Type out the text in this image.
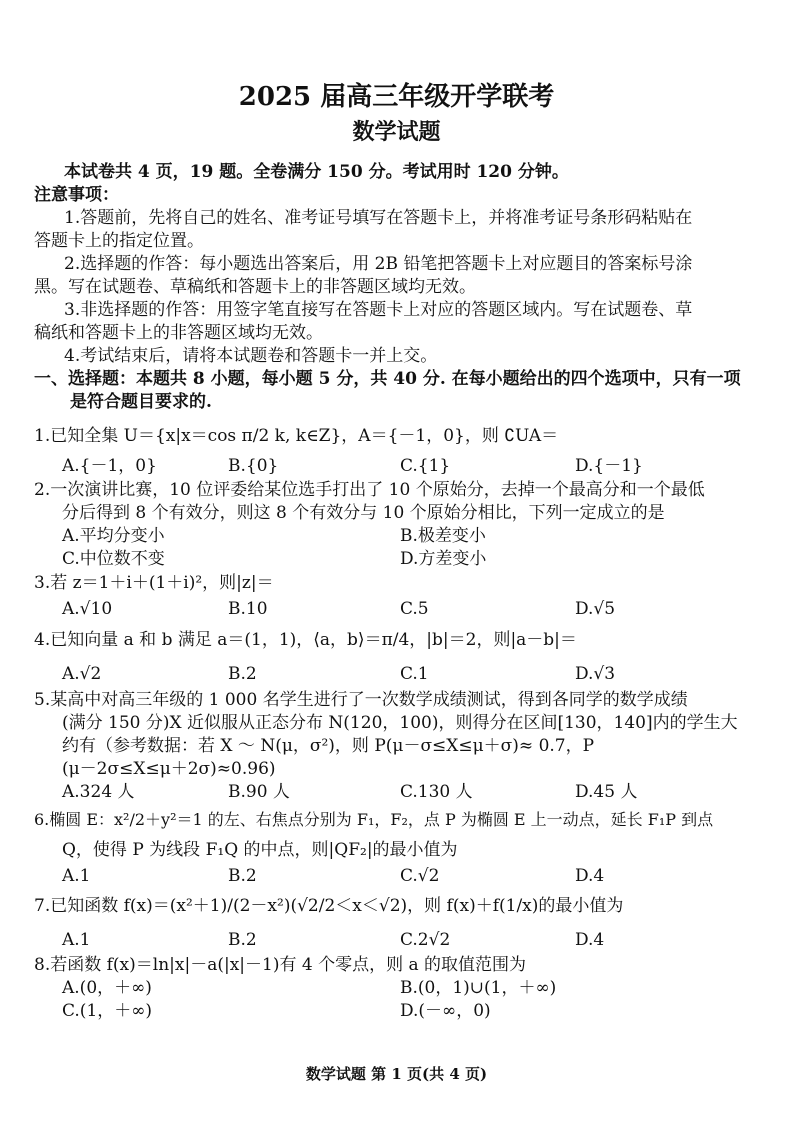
2025 届高三年级开学联考
数学试题
本试卷共 4 页，19 题。全卷满分 150 分。考试用时 120 分钟。
注意事项：
1.答题前，先将自己的姓名、准考证号填写在答题卡上，并将准考证号条形码粘贴在
答题卡上的指定位置。
2.选择题的作答：每小题选出答案后，用 2B 铅笔把答题卡上对应题目的答案标号涂
黑。写在试题卷、草稿纸和答题卡上的非答题区域均无效。
3.非选择题的作答：用签字笔直接写在答题卡上对应的答题区域内。写在试题卷、草
稿纸和答题卡上的非答题区域均无效。
4.考试结束后，请将本试题卷和答题卡一并上交。
一、选择题：本题共 8 小题，每小题 5 分，共 40 分. 在每小题给出的四个选项中，只有一项
是符合题目要求的.
1.已知全集 U＝{x|x＝cos π/2 k, k∈Z}，A＝{－1，0}，则 ∁UA＝
A.{－1，0}	B.{0}	C.{1}	D.{－1}
2.一次演讲比赛，10 位评委给某位选手打出了 10 个原始分，去掉一个最高分和一个最低
分后得到 8 个有效分，则这 8 个有效分与 10 个原始分相比，下列一定成立的是
A.平均分变小	B.极差变小
C.中位数不变	D.方差变小
3.若 z＝1＋i＋(1＋i)²，则|z|＝
A.√10	B.10	C.5	D.√5
4.已知向量 a 和 b 满足 a＝(1，1)，⟨a，b⟩＝π/4，|b|＝2，则|a－b|＝
A.√2	B.2	C.1	D.√3
5.某高中对高三年级的 1 000 名学生进行了一次数学成绩测试，得到各同学的数学成绩
(满分 150 分)X 近似服从正态分布 N(120，100)，则得分在区间[130，140]内的学生大
约有（参考数据：若 X ～ N(μ，σ²)，则 P(μ－σ≤X≤μ＋σ)≈ 0.7，P
(μ－2σ≤X≤μ＋2σ)≈0.96)
A.324 人	B.90 人	C.130 人	D.45 人
6.椭圆 E：x²/2＋y²＝1 的左、右焦点分别为 F₁，F₂，点 P 为椭圆 E 上一动点，延长 F₁P 到点
Q，使得 P 为线段 F₁Q 的中点，则|QF₂|的最小值为
A.1	B.2	C.√2	D.4
7.已知函数 f(x)＝(x²＋1)/(2－x²)(√2/2＜x＜√2)，则 f(x)＋f(1/x)的最小值为
A.1	B.2	C.2√2	D.4
8.若函数 f(x)＝ln|x|－a(|x|－1)有 4 个零点，则 a 的取值范围为
A.(0，＋∞)	B.(0，1)∪(1，＋∞)
C.(1，＋∞)	D.(－∞，0)
数学试题 第 1 页(共 4 页)
